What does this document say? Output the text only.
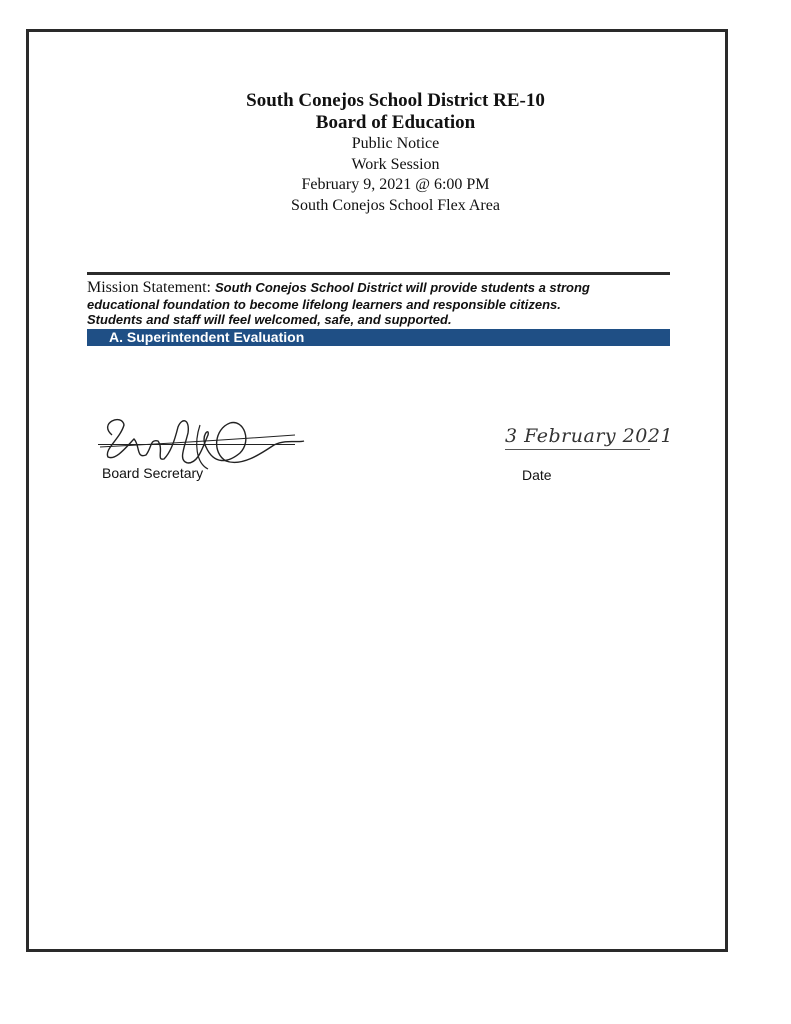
South Conejos School District RE-10
Board of Education
Public Notice
Work Session
February 9, 2021 @ 6:00 PM
South Conejos School Flex Area
Mission Statement: South Conejos School District will provide students a strong
educational foundation to become lifelong learners and responsible citizens.
Students and staff will feel welcomed, safe, and supported.
A. Superintendent Evaluation
Board Secretary
3 February 2021
Date
